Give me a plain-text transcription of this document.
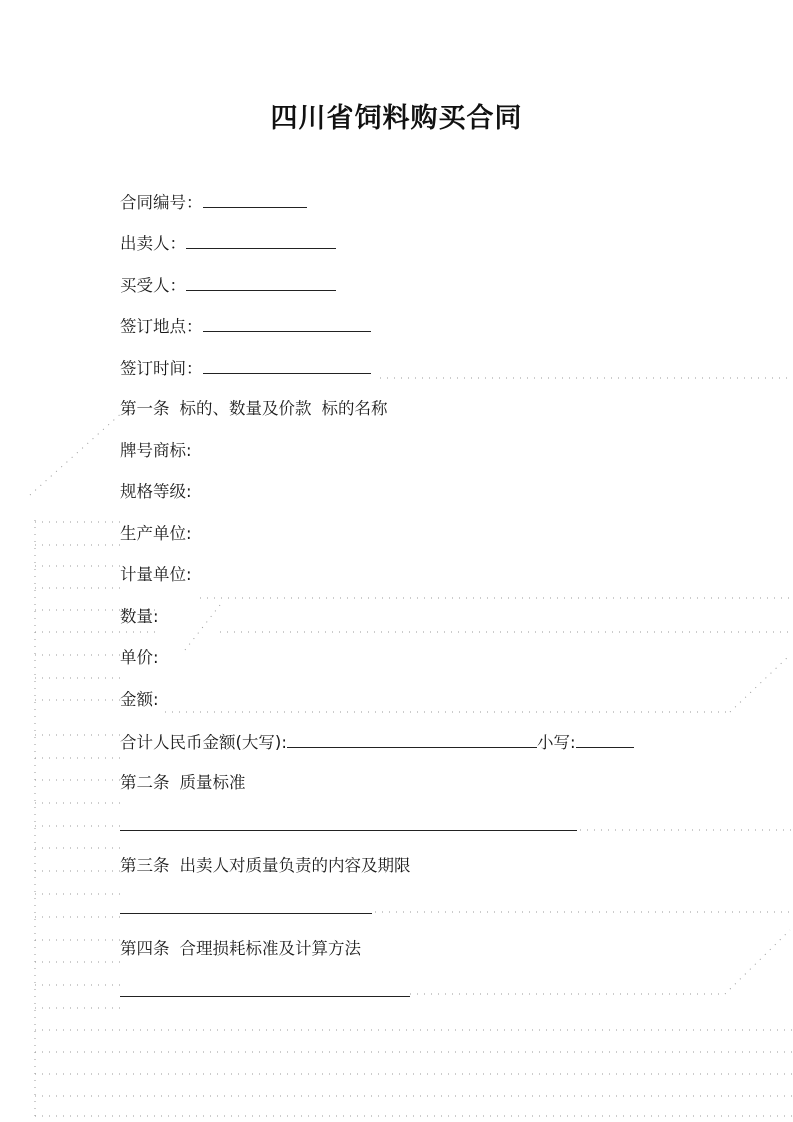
四川省饲料购买合同
合同编号：
出卖人：
买受人：
签订地点：
签订时间：
第一条 标的、数量及价款 标的名称
牌号商标:
规格等级:
生产单位:
计量单位:
数量:
单价:
金额:
合计人民币金额(大写):	小写:
第二条 质量标准
第三条 出卖人对质量负责的内容及期限
第四条 合理损耗标准及计算方法
